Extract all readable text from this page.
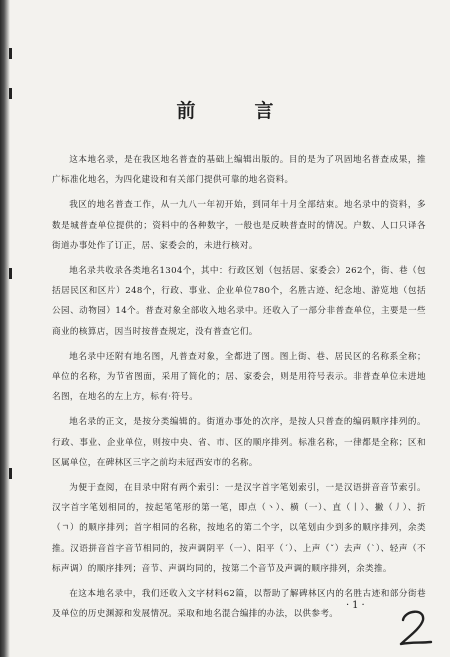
前　言

这本地名录，是在我区地名普查的基础上编辑出版的。目的是为了巩固地名普查成果，推广标准化地名，为四化建设和有关部门提供可靠的地名资料。

我区的地名普查工作，从一九八一年初开始，到同年十月全部结束。地名录中的资料，多数是城普查单位提供的；资料中的各种数字，一般也是反映普查时的情况。户数、人口只译各街道办事处作了订正，居、家委会的，未进行核对。

地名录共收录各类地名1304个，其中：行政区划（包括居、家委会）262个，街、巷（包括居民区和区片）248个，行政、事业、企业单位780个，名胜古迹、纪念地、游览地（包括公园、动物园）14个。普查对象全部收入地名录中。还收入了一部分非普查单位，主要是一些商业的核算店，因当时按普查规定，没有普查它们。

地名录中还附有地名图，凡普查对象，全都进了图。图上街、巷、居民区的名称系全称；单位的名称，为节省图面，采用了简化的；居、家委会，则是用符号表示。非普查单位未进地名图，在地名的左上方，标有·符号。

地名录的正文，是按分类编辑的。街道办事处的次序，是按人只普查的编码顺序排列的。行政、事业、企业单位，则按中央、省、市、区的顺序排列。标准名称，一律都是全称；区和区属单位，在碑林区三字之前均未冠西安市的名称。

为便于查阅，在目录中附有两个索引：一是汉字首字笔划索引，一是汉语拼音音节索引。汉字首字笔划相同的，按起笔笔形的第一笔，即点（丶）、横（一）、直（丨）、撇（丿）、折（ㄱ）的顺序排列；首字相同的名称，按地名的第二个字，以笔划由少到多的顺序排列，余类推。汉语拼音首字音节相同的，按声调阴平（一）、阳平（ˊ）、上声（ˇ）去声（ˋ）、轻声（不标声调）的顺序排列；音节、声调均同的，按第二个音节及声调的顺序排列，余类推。

在这本地名录中，我们还收入文字材料62篇，以帮助了解碑林区内的名胜古迹和部分街巷及单位的历史渊源和发展情况。采取和地名混合编排的办法，以供参考。

·1·
